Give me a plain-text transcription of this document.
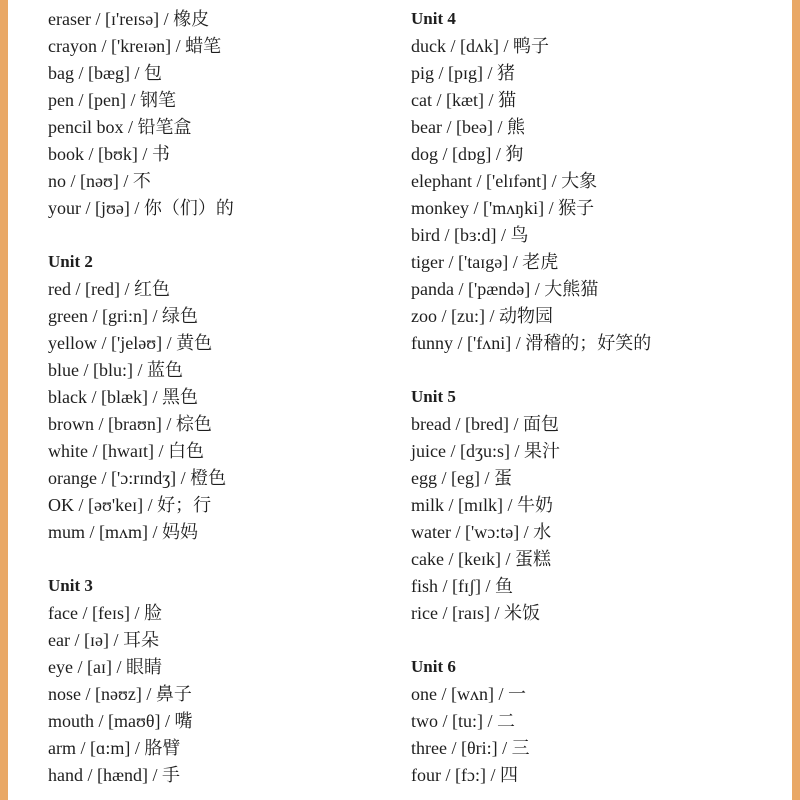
eraser / [ɪ'reɪsə] / 橡皮
crayon / ['kreɪən] / 蜡笔
bag / [bæg] / 包
pen / [pen] / 钢笔
pencil box / 铅笔盒
book / [bʊk] / 书
no / [nəʊ] / 不
your / [jʊə] / 你（们）的
Unit 2
red / [red] / 红色
green / [gri:n] / 绿色
yellow / ['jeləʊ] / 黄色
blue / [blu:] / 蓝色
black / [blæk] / 黑色
brown / [braʊn] / 棕色
white / [hwaɪt] / 白色
orange / ['ɔ:rɪndʒ] / 橙色
OK / [əʊ'keɪ] / 好；行
mum / [mʌm] / 妈妈
Unit 3
face / [feɪs] / 脸
ear / [ɪə] / 耳朵
eye / [aɪ] / 眼睛
nose / [nəʊz] / 鼻子
mouth / [maʊθ] / 嘴
arm / [ɑ:m] / 胳臂
hand / [hænd] / 手
Unit 4
duck / [dʌk] / 鸭子
pig / [pɪg] / 猪
cat / [kæt] / 猫
bear / [beə] / 熊
dog / [dɒg] / 狗
elephant / ['elɪfənt] / 大象
monkey / ['mʌŋki] / 猴子
bird / [bɜ:d] / 鸟
tiger / ['taɪgə] / 老虎
panda / ['pændə] / 大熊猫
zoo / [zu:] / 动物园
funny / ['fʌni] / 滑稽的；好笑的
Unit 5
bread / [bred] / 面包
juice / [dʒu:s] / 果汁
egg / [eg] / 蛋
milk / [mɪlk] / 牛奶
water / ['wɔ:tə] / 水
cake / [keɪk] / 蛋糕
fish / [fɪʃ] / 鱼
rice / [raɪs] / 米饭
Unit 6
one / [wʌn] / 一
two / [tu:] / 二
three / [θri:] / 三
four / [fɔ:] / 四
